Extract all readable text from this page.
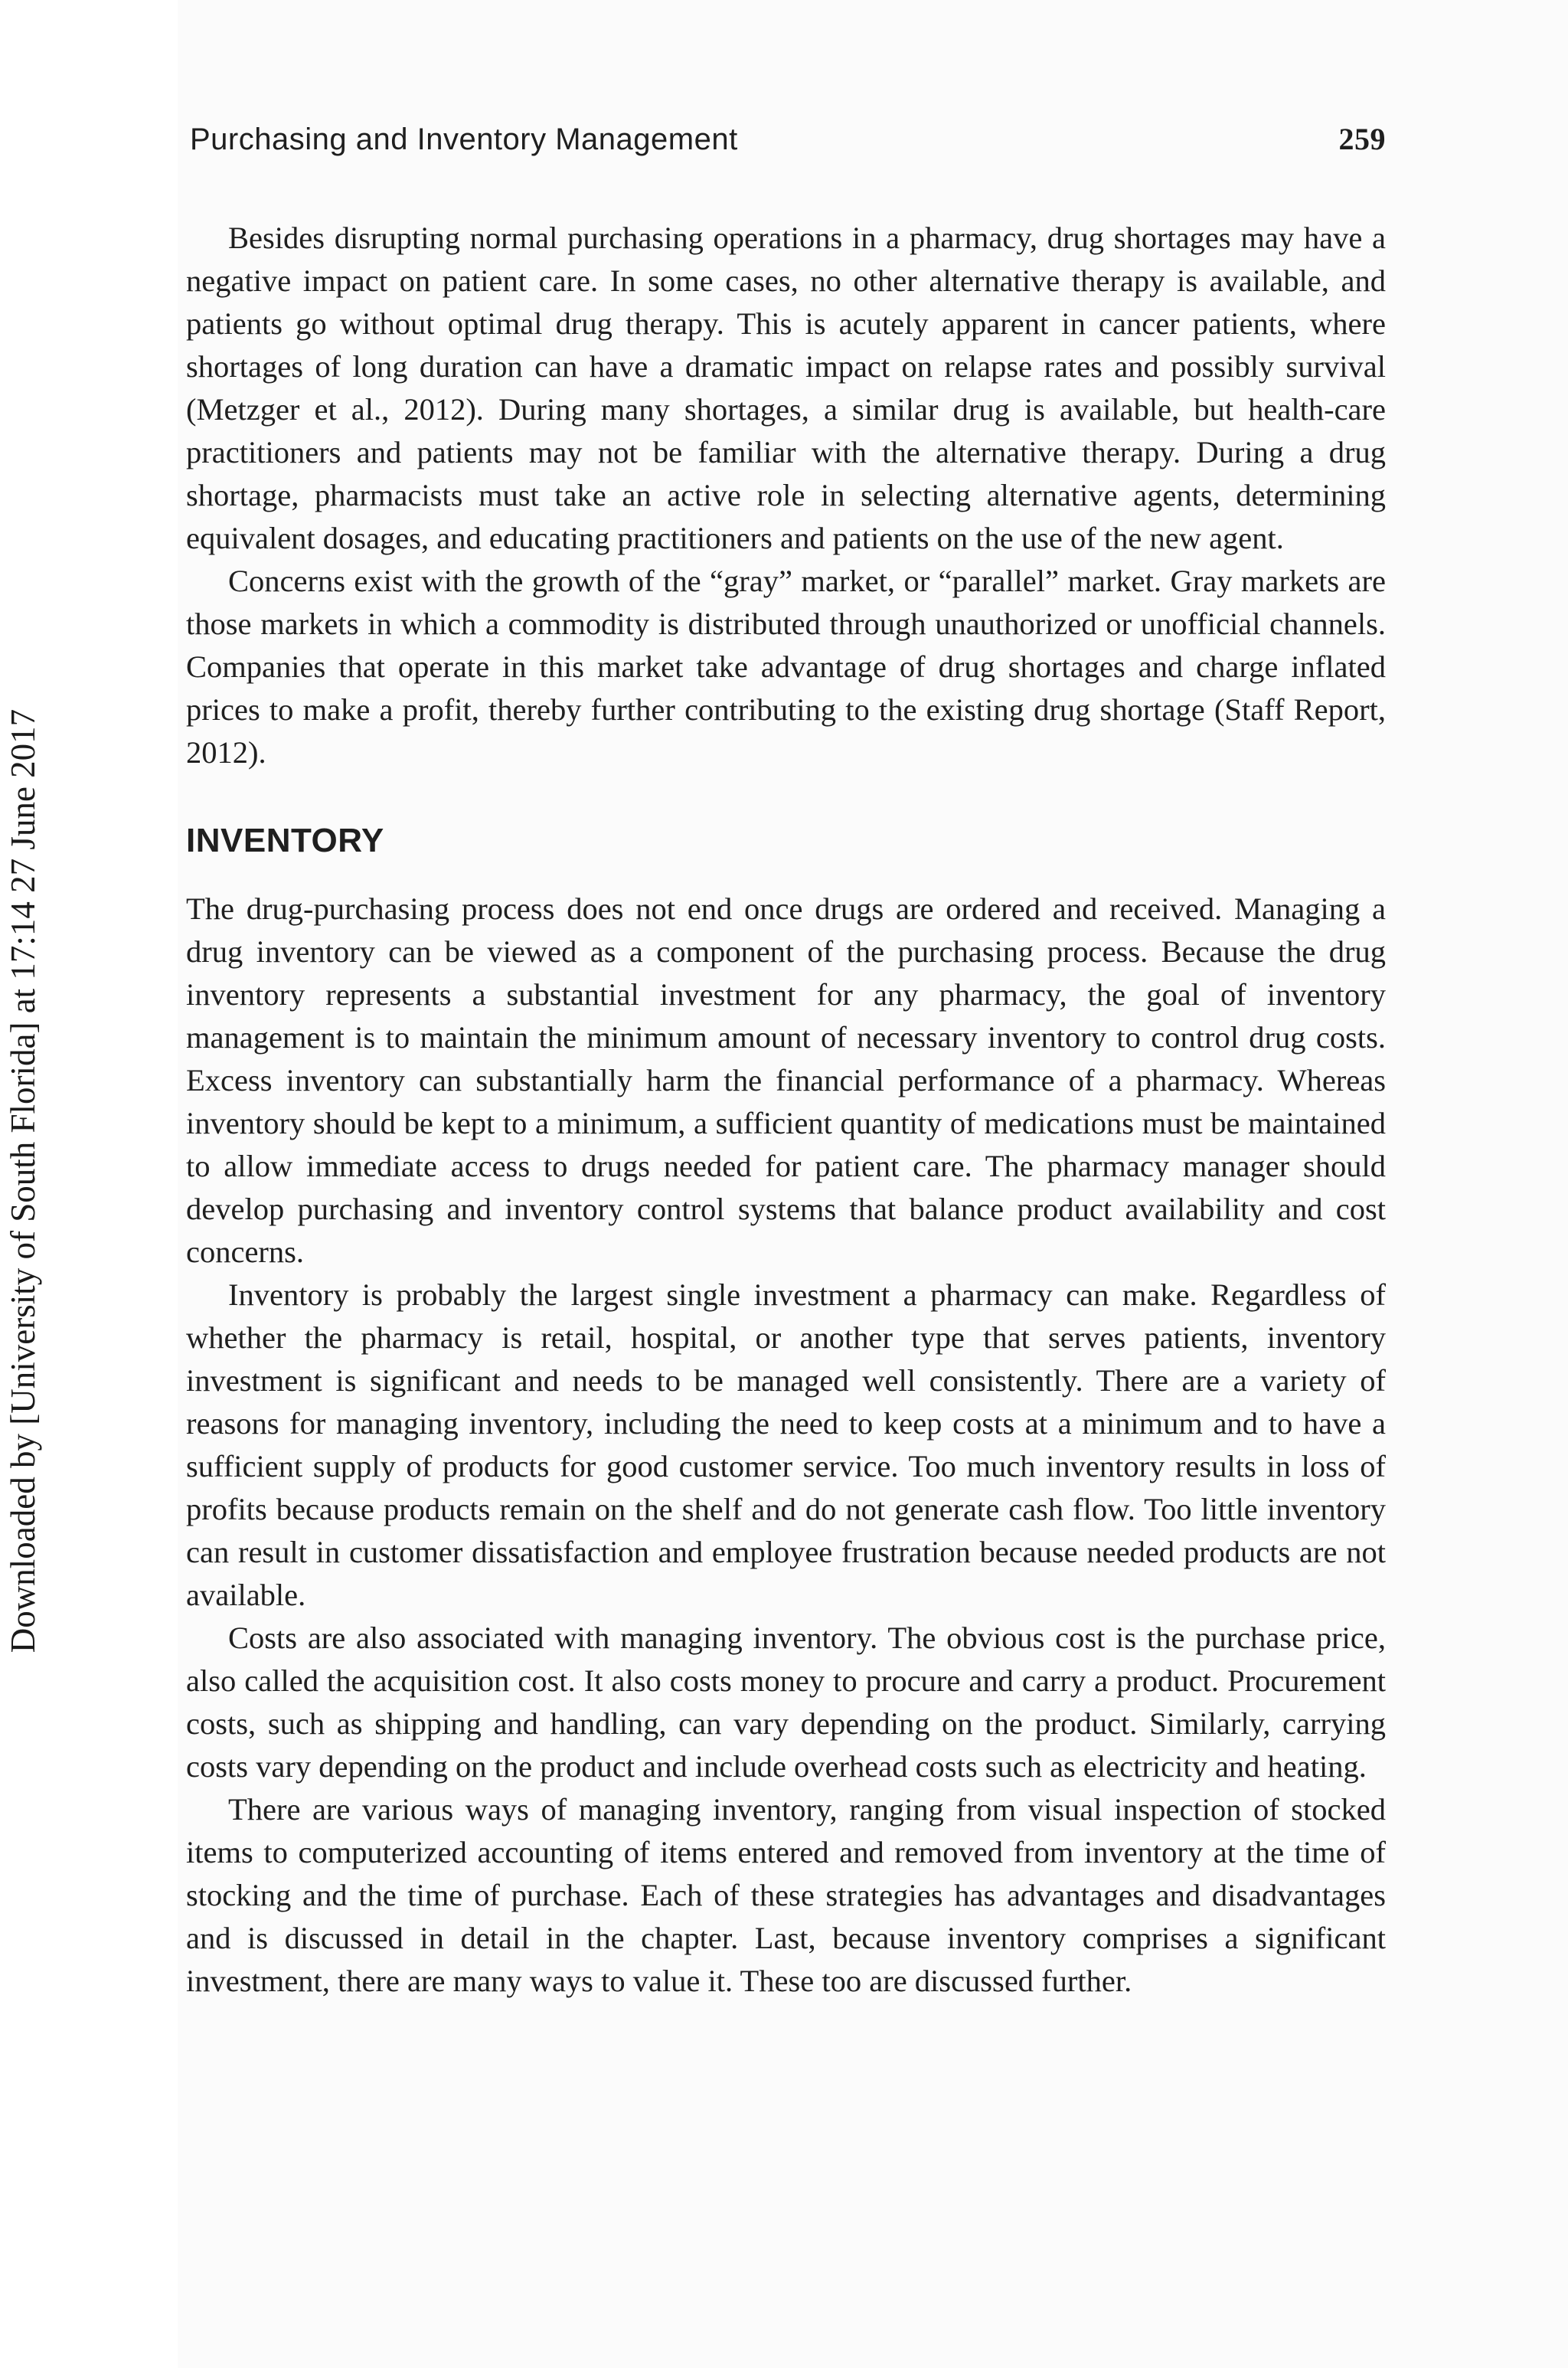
Purchasing and Inventory Management	259
Downloaded by [University of South Florida] at 17:14 27 June 2017

Besides disrupting normal purchasing operations in a pharmacy, drug shortages may have a negative impact on patient care. In some cases, no other alternative therapy is available, and patients go without optimal drug therapy. This is acutely apparent in cancer patients, where shortages of long duration can have a dramatic impact on relapse rates and possibly survival (Metzger et al., 2012). During many shortages, a similar drug is available, but health-care practitioners and patients may not be familiar with the alternative therapy. During a drug shortage, pharmacists must take an active role in selecting alternative agents, determining equivalent dosages, and educating practitioners and patients on the use of the new agent.

Concerns exist with the growth of the “gray” market, or “parallel” market. Gray markets are those markets in which a commodity is distributed through unauthorized or unofficial channels. Companies that operate in this market take advantage of drug shortages and charge inflated prices to make a profit, thereby further contributing to the existing drug shortage (Staff Report, 2012).

INVENTORY

The drug-purchasing process does not end once drugs are ordered and received. Managing a drug inventory can be viewed as a component of the purchasing process. Because the drug inventory represents a substantial investment for any pharmacy, the goal of inventory management is to maintain the minimum amount of necessary inventory to control drug costs. Excess inventory can substantially harm the financial performance of a pharmacy. Whereas inventory should be kept to a minimum, a sufficient quantity of medications must be maintained to allow immediate access to drugs needed for patient care. The pharmacy manager should develop purchasing and inventory control systems that balance product availability and cost concerns.

Inventory is probably the largest single investment a pharmacy can make. Regardless of whether the pharmacy is retail, hospital, or another type that serves patients, inventory investment is significant and needs to be managed well consistently. There are a variety of reasons for managing inventory, including the need to keep costs at a minimum and to have a sufficient supply of products for good customer service. Too much inventory results in loss of profits because products remain on the shelf and do not generate cash flow. Too little inventory can result in customer dissatisfaction and employee frustration because needed products are not available.

Costs are also associated with managing inventory. The obvious cost is the purchase price, also called the acquisition cost. It also costs money to procure and carry a product. Procurement costs, such as shipping and handling, can vary depending on the product. Similarly, carrying costs vary depending on the product and include overhead costs such as electricity and heating.

There are various ways of managing inventory, ranging from visual inspection of stocked items to computerized accounting of items entered and removed from inventory at the time of stocking and the time of purchase. Each of these strategies has advantages and disadvantages and is discussed in detail in the chapter. Last, because inventory comprises a significant investment, there are many ways to value it. These too are discussed further.
